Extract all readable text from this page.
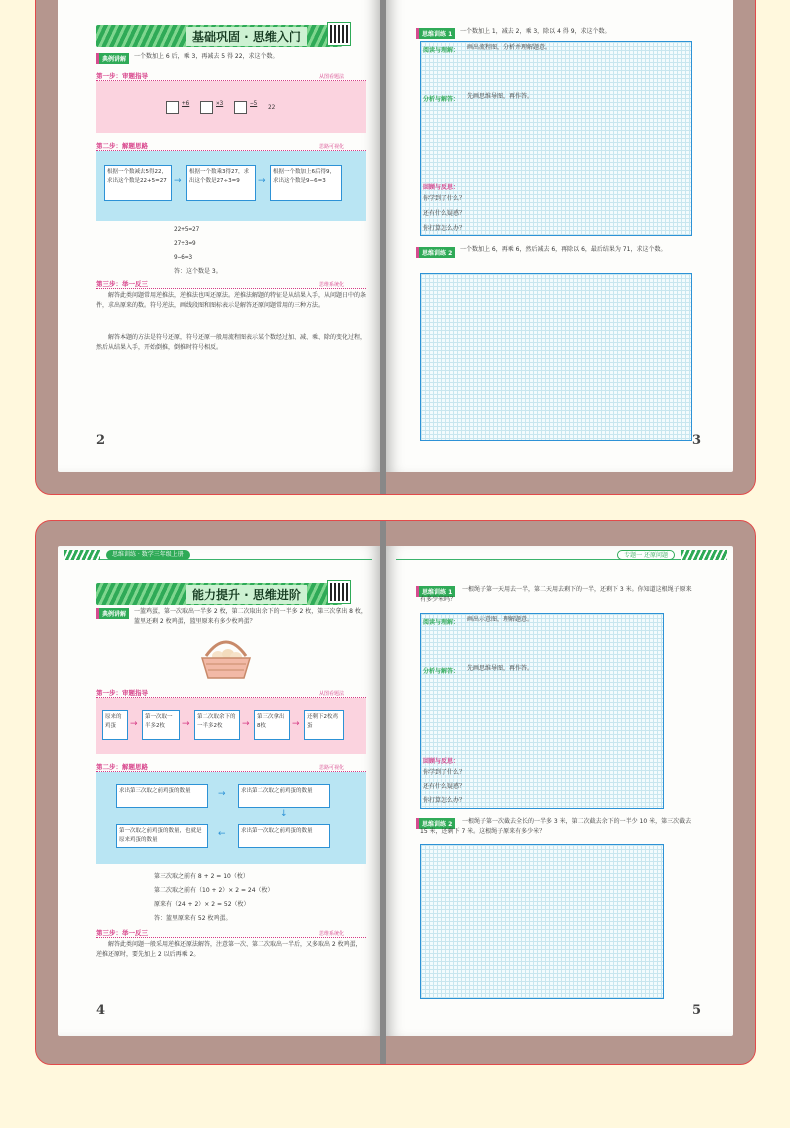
基础巩固 · 思维入门
典例讲解	一个数加上 6 后，乘 3，再减去 5 得 22，求这个数。
第一步：审题指导	从图看题法
+6	×3	−5
22
第二步：解题思路	思路可视化
根据一个数减去5得22，求出这个数是22+5=27 →
根据一个数乘3得27，求出这个数是27÷3=9	→
根据一个数加上6后得9，求出这个数是9−6=3
22+5=27
27÷3=9
9−6=3
答：这个数是 3。
第三步：举一反三	思维系统化
解答此类问题常用逆推法，逆推法也叫还原法。逆推法解题的特征是从结果入手，从问题日中的条件，求出原来的数。符号逆法，画线段图和图标表示是解答还原问题常用的三种方法。
解答本题的方法是符号还原，符号还原一般用流程图表示某个数经过加、减、乘、除的变化过程，然后从结果入手，开始倒推，倒推时符号相反。
2
思维训练 1	一个数加上 1，减去 2，乘 3，除以 4 得 9，求这个数。
阅读与理解： 画出流程图，分析并理解题意。
分析与解答： 先画思维导图，再作答。
回顾与反思：
你学到了什么？
还有什么疑惑？
你打算怎么办？
思维训练 2
一个数加上 6，再乘 6，然后减去 6，再除以 6，最后结果为 71，求这个数。
3
思维训练 · 数学三年级上册
能力提升 · 思维进阶
典例讲解	一篮鸡蛋，第一次取出一半多 2 枚，第二次取出余下的一半多 2 枚，第三次拿出 8 枚，篮里还剩 2 枚鸡蛋，篮里原来有多少枚鸡蛋？
第一步：审题指导	从图看题法
原来的鸡蛋	→
第一次取一半多2枚	→
第二次取余下的一半多2枚	→
第三次拿出8枚	→
还剩下2枚鸡蛋
第二步：解题思路	思路可视化
求出第三次取之前鸡蛋的数量	→	求出第二次取之前鸡蛋的数量
↓
求出第一次取之前鸡蛋的数量
←
第一次取之前鸡蛋的数量，也就是原来鸡蛋的数量
第三次取之前有 8 + 2 = 10（枚）
第二次取之前有（10 + 2）× 2 = 24（枚）
原来有（24 + 2）× 2 = 52（枚）
答：篮里原来有 52 枚鸡蛋。
第三步：举一反三	思维系统化
解答此类问题一般采用逆推还原法解答，注意第一次、第二次取出一半后，又多取出 2 枚鸡蛋，逆推还原时，要先加上 2 以后再乘 2。
4
专题一 还原问题
思维训练 1	一根绳子第一天用去一半，第二天用去剩下的一半，还剩下 3 米。你知道这根绳子原来有多少米吗？
阅读与理解： 画出示意图，理解题意。
分析与解答： 先画思维导图，再作答。
回顾与反思：
你学到了什么？
还有什么疑惑？
你打算怎么办？
思维训练 2	一根绳子第一次截去全长的一半多 3 米，第二次截去余下的一半少 10 米，第三次截去 15 米，还剩下 7 米。这根绳子原来有多少米？
5
